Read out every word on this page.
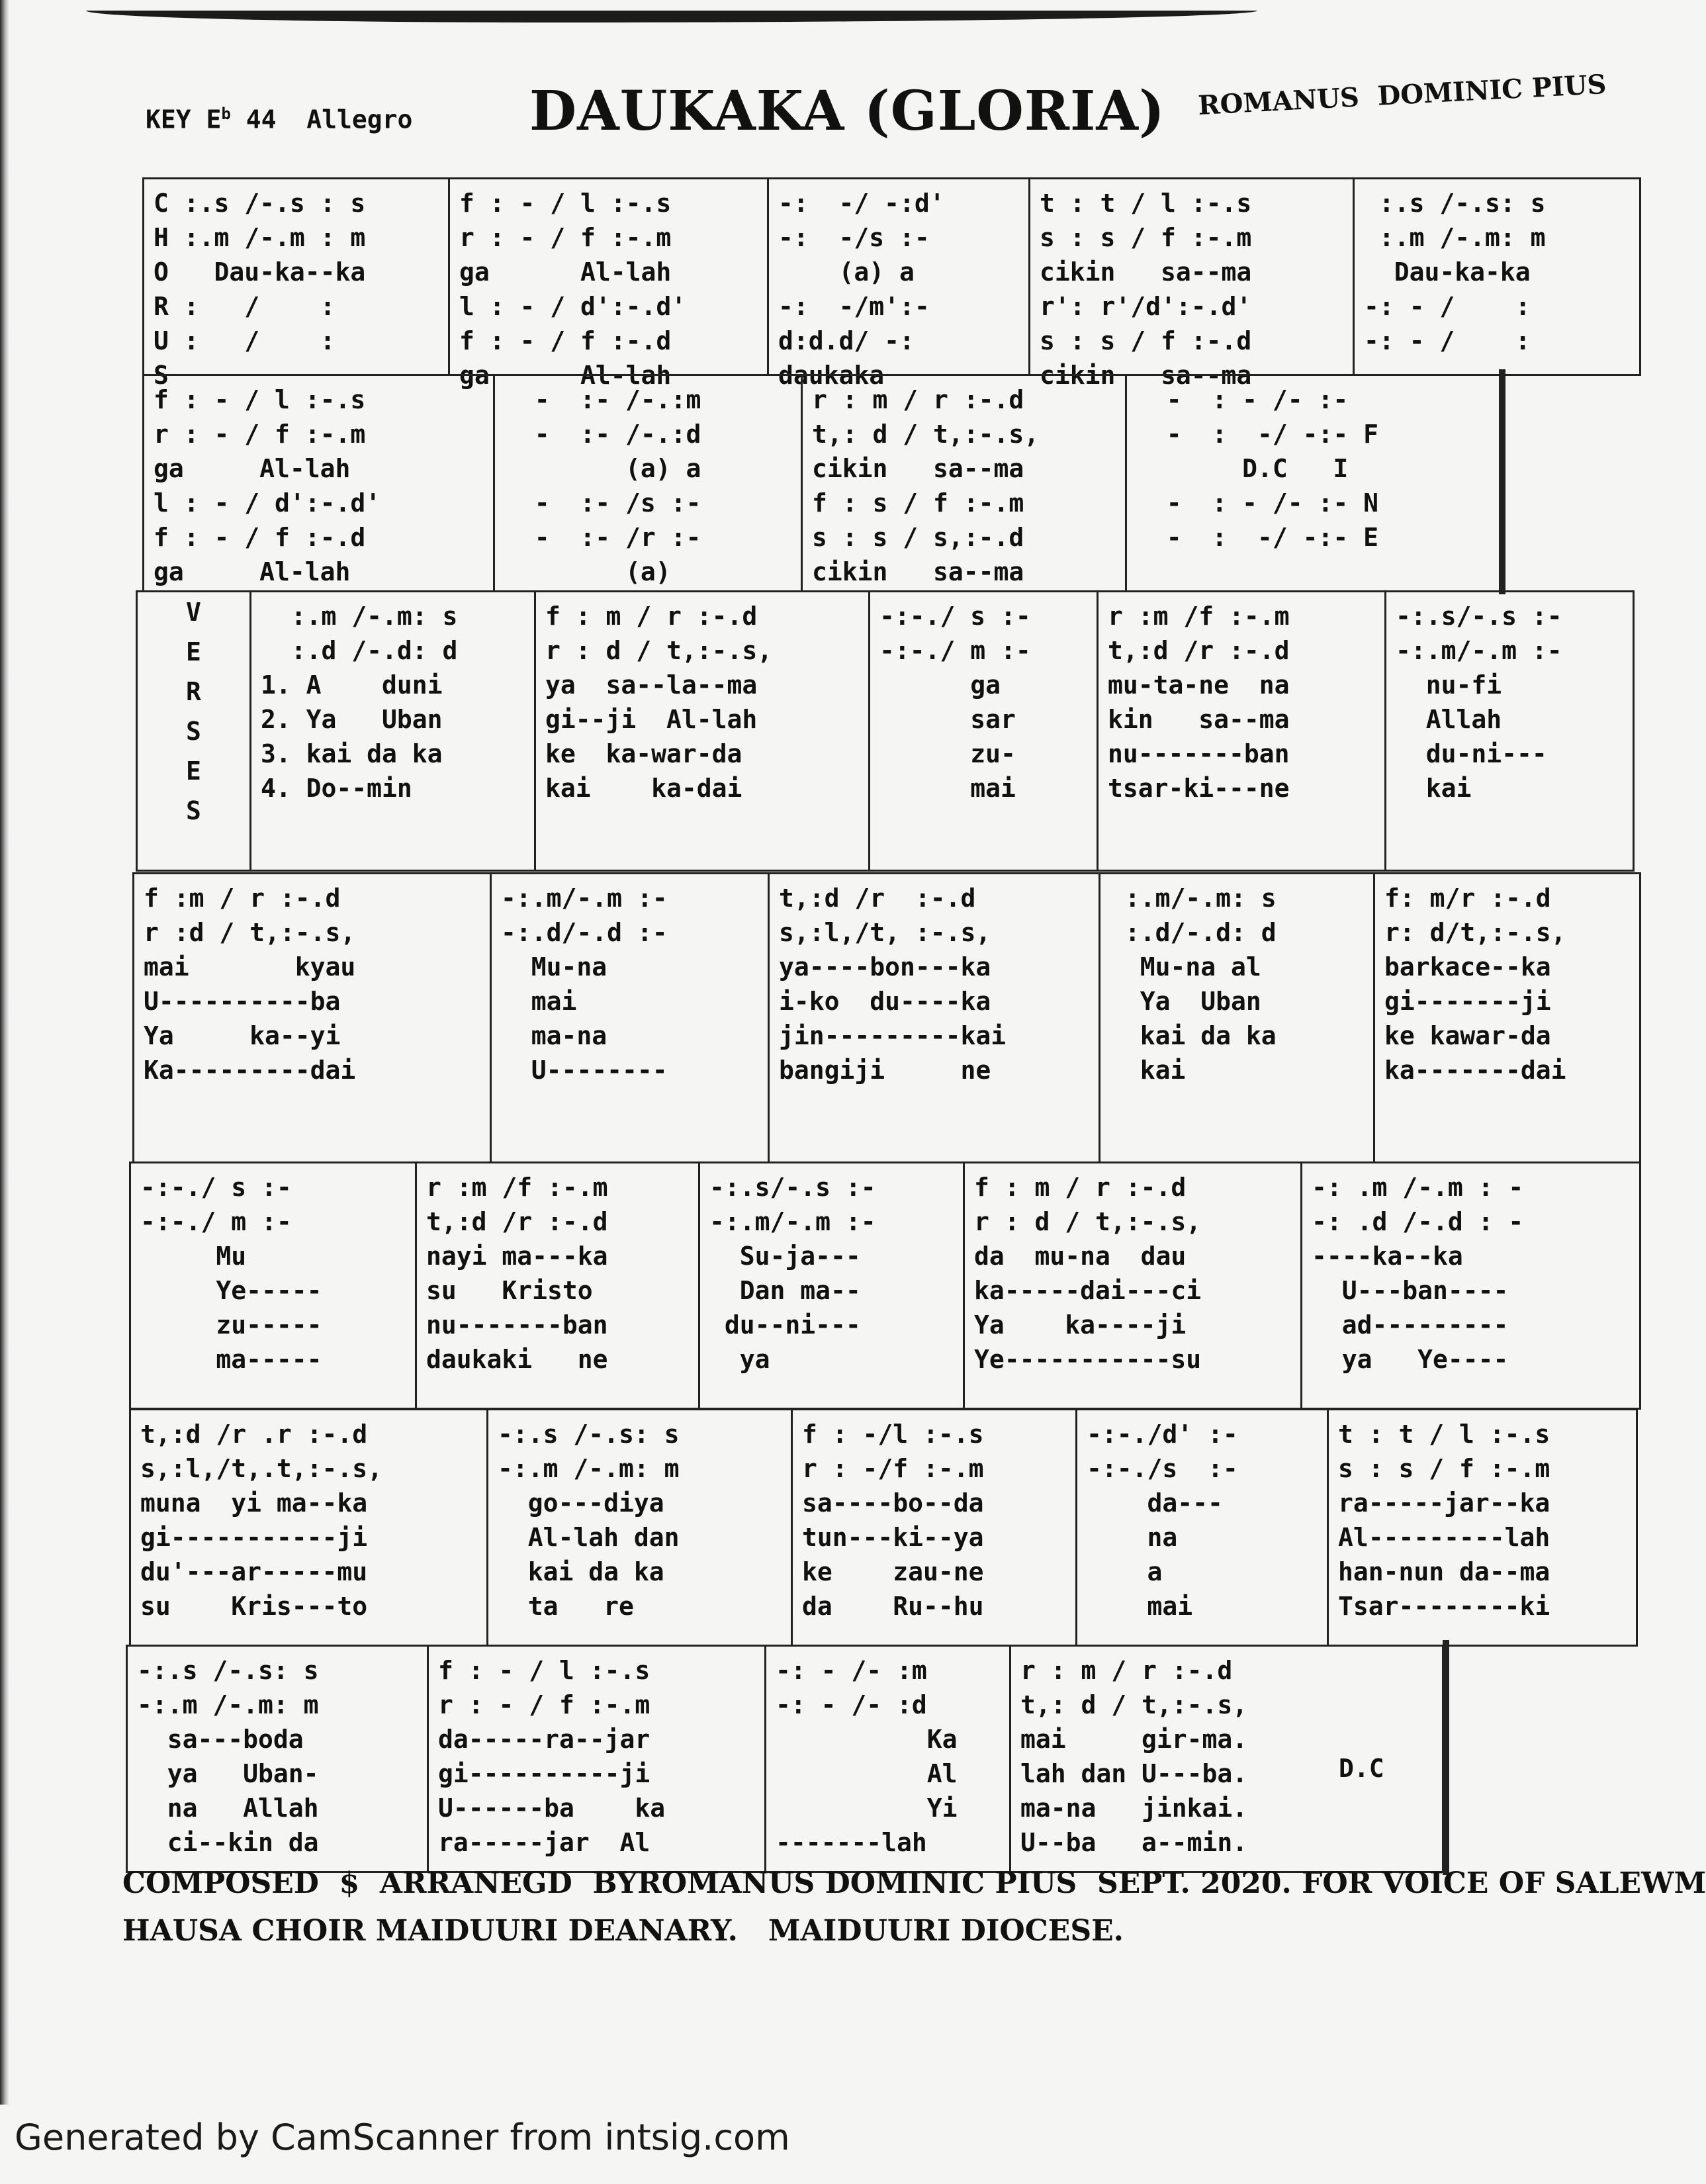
KEY $E^b$ 44 Allegro DAUKAKA (GLORIA) ROMANUS  DOMINIC PIUS
C :.s /-.s : s
H :.m /-.m : m
O   Dau-ka--ka
R :   /    :
U :   /    :
S
f : - / l :-.s
r : - / f :-.m
ga      Al-lah
l : - / d':-.d'
f : - / f :-.d
ga      Al-lah
-:  -/ -:d'
-:  -/s :-
(a) a
-:  -/m':-
d:d.d/ -:
daukaka
t : t / l :-.s
s : s / f :-.m
cikin   sa--ma
r': r'/d':-.d'
s : s / f :-.d
cikin   sa--ma
:.s /-.s: s
:.m /-.m: m
Dau-ka-ka
-: - /    :
-: - /    :
f : - / l :-.s
r : - / f :-.m
ga     Al-lah
l : - / d':-.d'
f : - / f :-.d
ga     Al-lah
-  :- /-.:m
-  :- /-.:d
(a) a
-  :- /s :-
-  :- /r :-
(a)
r : m / r :-.d
t,: d / t,:-.s,
cikin   sa--ma
f : s / f :-.m
s : s / s,:-.d
cikin   sa--ma
-  : - /- :-
-  :  -/ -:- F
D.C   I
-  : - /- :- N
-  :  -/ -:- E
V
E
R
S
E
S
:.m /-.m: s
:.d /-.d: d
1. A    duni
2. Ya   Uban
3. kai da ka
4. Do--min
f : m / r :-.d
r : d / t,:-.s,
ya  sa--la--ma
gi--ji  Al-lah
ke  ka-war-da
kai    ka-dai
-:-./ s :-
-:-./ m :-
ga
sar
zu-
mai
r :m /f :-.m
t,:d /r :-.d
mu-ta-ne  na
kin   sa--ma
nu-------ban
tsar-ki---ne
-:.s/-.s :-
-:.m/-.m :-
nu-fi
Allah
du-ni---
kai
f :m / r :-.d
r :d / t,:-.s,
mai       kyau
U----------ba
Ya     ka--yi
Ka---------dai
-:.m/-.m :-
-:.d/-.d :-
Mu-na
mai
ma-na
U--------
t,:d /r  :-.d
s,:l,/t, :-.s,
ya----bon---ka
i-ko  du----ka
jin---------kai
bangiji     ne
:.m/-.m: s
:.d/-.d: d
Mu-na al
Ya  Uban
kai da ka
kai
f: m/r :-.d
r: d/t,:-.s,
barkace--ka
gi-------ji
ke kawar-da
ka-------dai
-:-./ s :-
-:-./ m :-
Mu
Ye-----
zu-----
ma-----
r :m /f :-.m
t,:d /r :-.d
nayi ma---ka
su   Kristo
nu-------ban
daukaki   ne
-:.s/-.s :-
-:.m/-.m :-
Su-ja---
Dan ma--
du--ni---
ya
f : m / r :-.d
r : d / t,:-.s,
da  mu-na  dau
ka-----dai---ci
Ya    ka----ji
Ye-----------su
-: .m /-.m : -
-: .d /-.d : -
----ka--ka
U---ban----
ad---------
ya   Ye----
t,:d /r .r :-.d
s,:l,/t,.t,:-.s,
muna  yi ma--ka
gi-----------ji
du'---ar-----mu
su    Kris---to
-:.s /-.s: s
-:.m /-.m: m
go---diya
Al-lah dan
kai da ka
ta   re
f : -/l :-.s
r : -/f :-.m
sa----bo--da
tun---ki--ya
ke    zau-ne
da    Ru--hu
-:-./d' :-
-:-./s  :-
da---
na
a
mai
t : t / l :-.s
s : s / f :-.m
ra-----jar--ka
Al---------lah
han-nun da--ma
Tsar--------ki
-:.s /-.s: s
-:.m /-.m: m
sa---boda
ya   Uban-
na   Allah
ci--kin da
f : - / l :-.s
r : - / f :-.m
da-----ra--jar
gi----------ji
U------ba    ka
ra-----jar  Al
-: - /- :m
-: - /- :d
Ka
Al
Yi
-------lah
r : m / r :-.d
t,: d / t,:-.s,
mai     gir-ma.
lah dan U---ba.
ma-na   jinkai.
U--ba   a--min.
D.C
COMPOSED  $  ARRANEGD  BYROMANUS DOMINIC PIUS  SEPT. 2020. FOR VOICE OF SALEWM
HAUSA CHOIR MAIDUURI DEANARY.   MAIDUURI DIOCESE.
Generated by CamScanner from intsig.com
